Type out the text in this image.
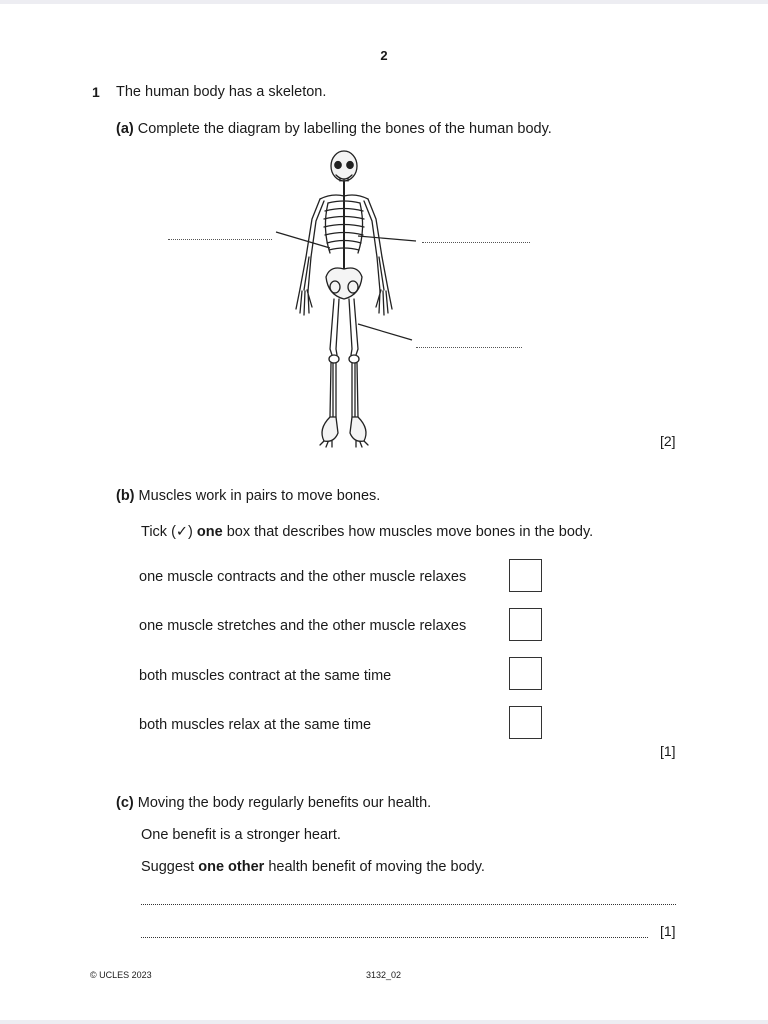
2
1 The human body has a skeleton.
(a) Complete the diagram by labelling the bones of the human body.
[2]
(b) Muscles work in pairs to move bones.
Tick (✓) one box that describes how muscles move bones in the body.
one muscle contracts and the other muscle relaxes
one muscle stretches and the other muscle relaxes
both muscles contract at the same time
both muscles relax at the same time
[1]
(c) Moving the body regularly benefits our health.
One benefit is a stronger heart.
Suggest one other health benefit of moving the body.
[1]
© UCLES 2023	3132_02
